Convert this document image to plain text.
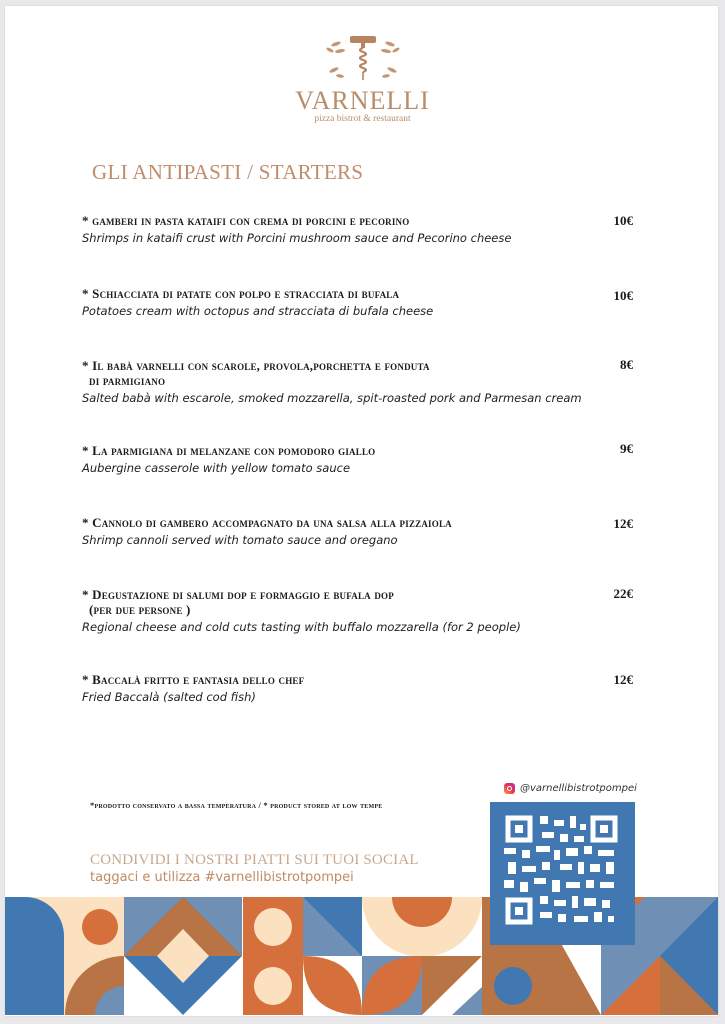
VARNELLI
pizza bistrot & restaurant
GLI ANTIPASTI / STARTERS
* gamberi in pasta kataifi con crema di porcini e pecorino
Shrimps in kataifi crust with Porcini mushroom sauce and Pecorino cheese
10€
* Schiacciata di patate con polpo e stracciata di bufala
Potatoes cream with octopus and stracciata di bufala cheese
10€
* Il babà varnelli con scarole, provola,porchetta e fonduta
di parmigiano
Salted babà with escarole, smoked mozzarella, spit-roasted pork and Parmesan cream
8€
* La parmigiana di melanzane con pomodoro giallo
Aubergine casserole with yellow tomato sauce
9€
* Cannolo di gambero accompagnato da una salsa alla pizzaiola
Shrimp cannoli served with tomato sauce and oregano
12€
* Degustazione di salumi dop e formaggio e bufala dop
(per due persone )
Regional cheese and cold cuts tasting with buffalo mozzarella (for 2 people)
22€
* Baccalà fritto e fantasia dello chef
Fried Baccalà (salted cod fish)
12€
*prodotto conservato a bassa temperatura / * product stored at low tempe
@varnellibistrotpompei
CONDIVIDI I NOSTRI PIATTI SUI TUOI SOCIAL
taggaci e utilizza #varnellibistrotpompei
